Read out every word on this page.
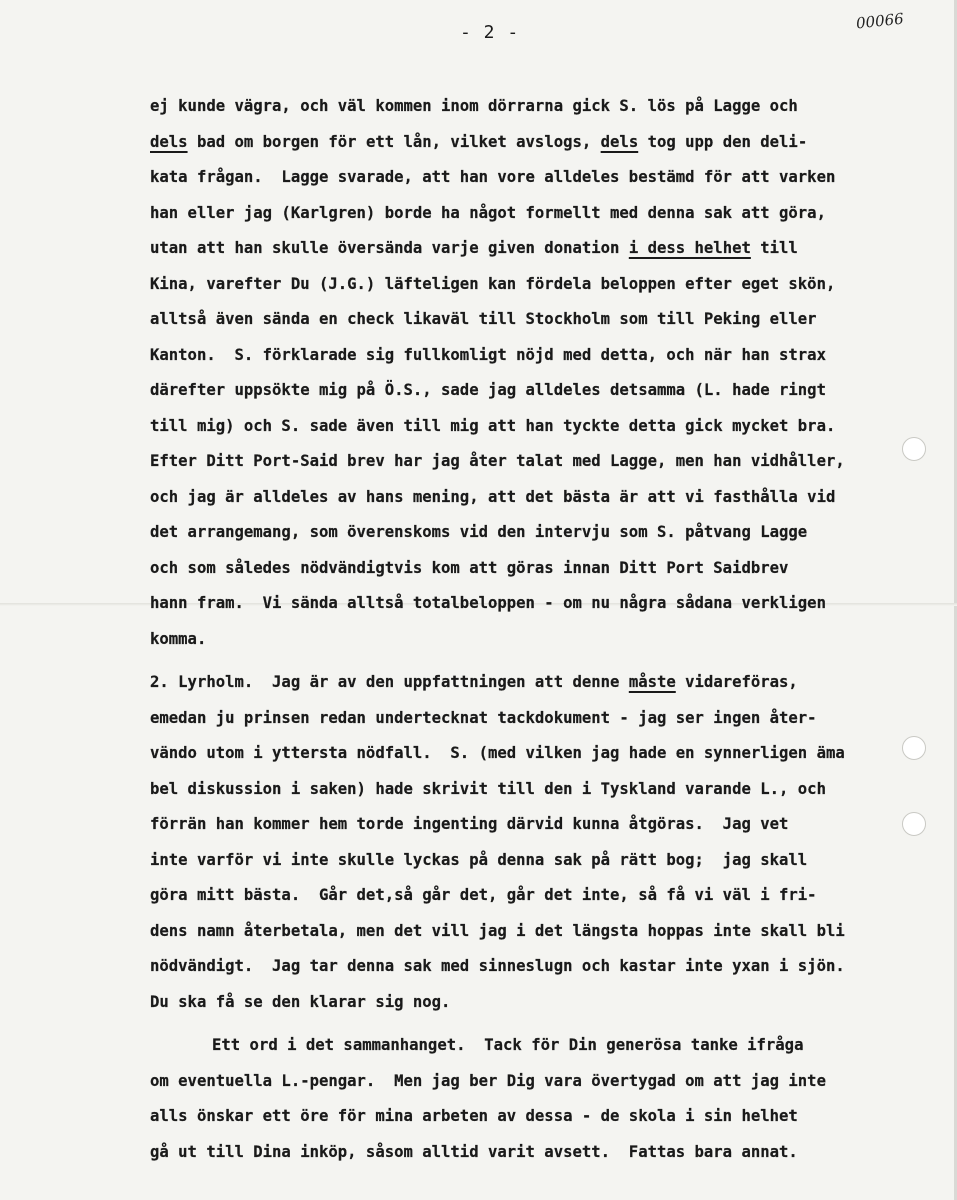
- 2 -
00066
ej kunde vägra, och väl kommen inom dörrarna gick S. lös på Lagge och
dels bad om borgen för ett lån, vilket avslogs, dels tog upp den deli-
kata frågan.  Lagge svarade, att han vore alldeles bestämd för att varken
han eller jag (Karlgren) borde ha något formellt med denna sak att göra,
utan att han skulle översända varje given donation i dess helhet till
Kina, varefter Du (J.G.) läfteligen kan fördela beloppen efter eget skön,
alltså även sända en check likaväl till Stockholm som till Peking eller
Kanton.  S. förklarade sig fullkomligt nöjd med detta, och när han strax
därefter uppsökte mig på Ö.S., sade jag alldeles detsamma (L. hade ringt
till mig) och S. sade även till mig att han tyckte detta gick mycket bra.
Efter Ditt Port-Said brev har jag åter talat med Lagge, men han vidhåller,
och jag är alldeles av hans mening, att det bästa är att vi fasthålla vid
det arrangemang, som överenskoms vid den intervju som S. påtvang Lagge
och som således nödvändigtvis kom att göras innan Ditt Port Saidbrev
hann fram.  Vi sända alltså totalbeloppen - om nu några sådana verkligen
komma.
2. Lyrholm.  Jag är av den uppfattningen att denne måste vidareföras,
emedan ju prinsen redan undertecknat tackdokument - jag ser ingen åter-
vändo utom i yttersta nödfall.  S. (med vilken jag hade en synnerligen äma
bel diskussion i saken) hade skrivit till den i Tyskland varande L., och
förrän han kommer hem torde ingenting därvid kunna åtgöras.  Jag vet
inte varför vi inte skulle lyckas på denna sak på rätt bog;  jag skall
göra mitt bästa.  Går det,så går det, går det inte, så få vi väl i fri-
dens namn återbetala, men det vill jag i det längsta hoppas inte skall bli
nödvändigt.  Jag tar denna sak med sinneslugn och kastar inte yxan i sjön.
Du ska få se den klarar sig nog.
Ett ord i det sammanhanget.  Tack för Din generösa tanke ifråga
om eventuella L.-pengar.  Men jag ber Dig vara övertygad om att jag inte
alls önskar ett öre för mina arbeten av dessa - de skola i sin helhet
gå ut till Dina inköp, såsom alltid varit avsett.  Fattas bara annat.
